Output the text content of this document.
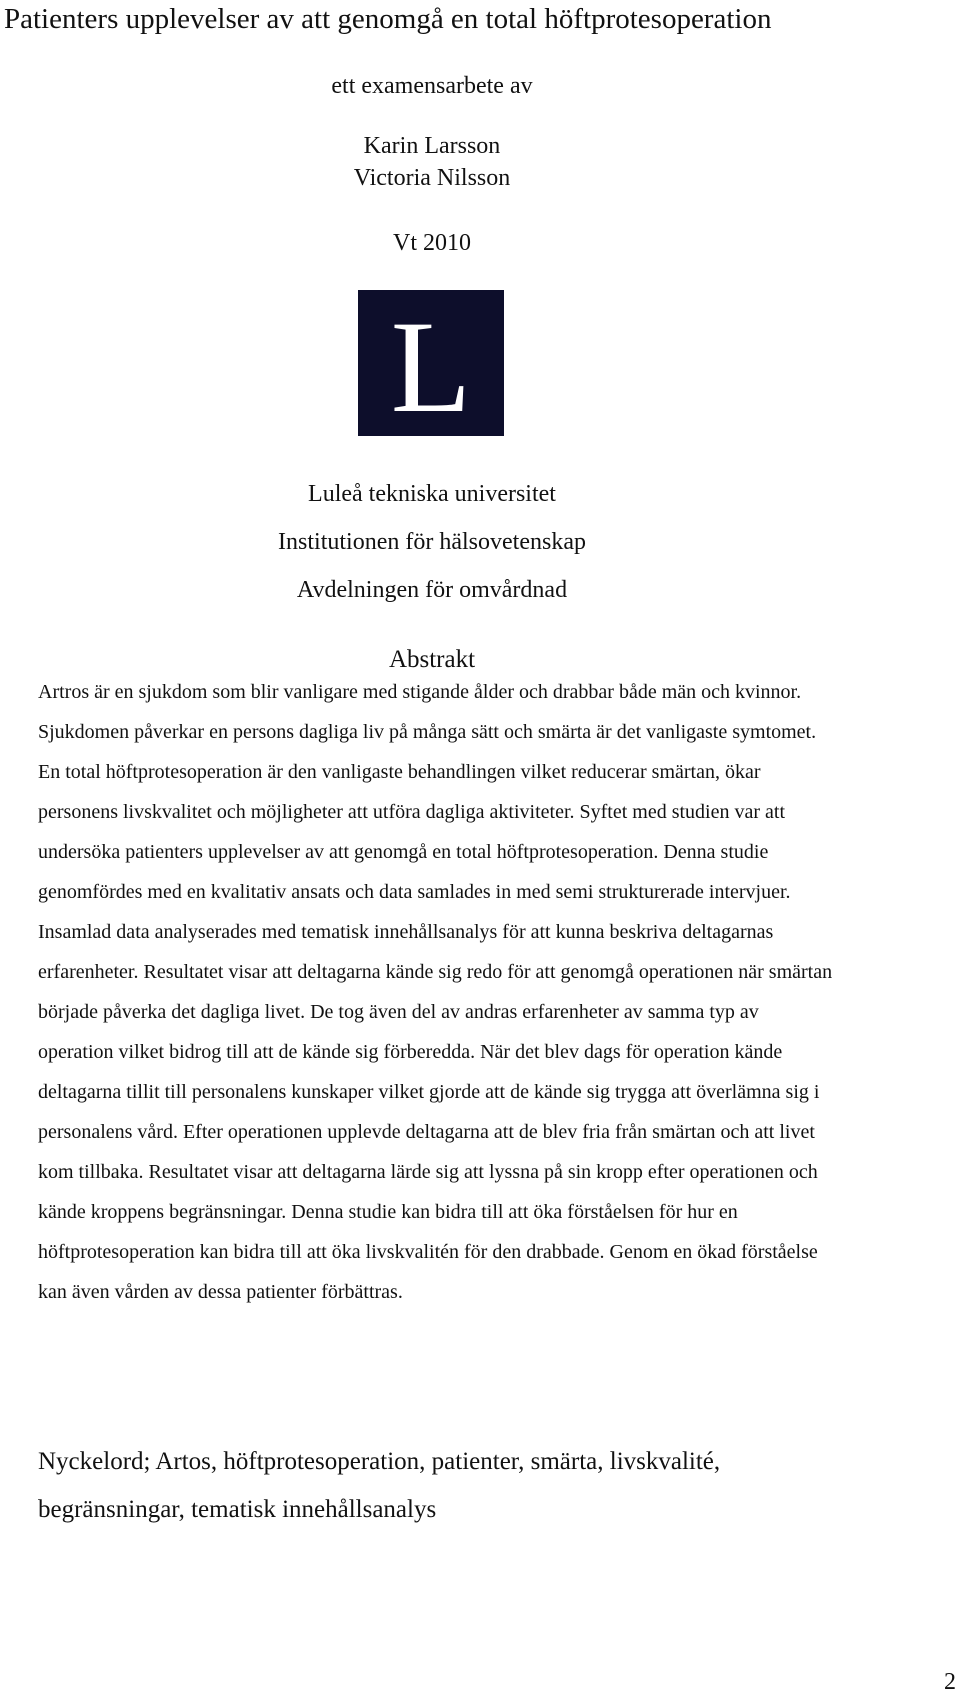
Patienters upplevelser av att genomgå en total höftprotesoperation
ett examensarbete av
Karin Larsson
Victoria Nilsson
Vt 2010
L
Luleå tekniska universitet
Institutionen för hälsovetenskap
Avdelningen för omvårdnad
Abstrakt

Artros är en sjukdom som blir vanligare med stigande ålder och drabbar både män och kvinnor. Sjukdomen påverkar en persons dagliga liv på många sätt och smärta är det vanligaste symtomet. En total höftprotesoperation är den vanligaste behandlingen vilket reducerar smärtan, ökar personens livskvalitet och möjligheter att utföra dagliga aktiviteter. Syftet med studien var att undersöka patienters upplevelser av att genomgå en total höftprotesoperation. Denna studie genomfördes med en kvalitativ ansats och data samlades in med semi strukturerade intervjuer. Insamlad data analyserades med tematisk innehållsanalys för att kunna beskriva deltagarnas erfarenheter. Resultatet visar att deltagarna kände sig redo för att genomgå operationen när smärtan började påverka det dagliga livet. De tog även del av andras erfarenheter av samma typ av operation vilket bidrog till att de kände sig förberedda. När det blev dags för operation kände deltagarna tillit till personalens kunskaper vilket gjorde att de kände sig trygga att överlämna sig i personalens vård. Efter operationen upplevde deltagarna att de blev fria från smärtan och att livet kom tillbaka. Resultatet visar att deltagarna lärde sig att lyssna på sin kropp efter operationen och kände kroppens begränsningar. Denna studie kan bidra till att öka förståelsen för hur en höftprotesoperation kan bidra till att öka livskvalitén för den drabbade. Genom en ökad förståelse kan även vården av dessa patienter förbättras.

Nyckelord; Artos, höftprotesoperation, patienter, smärta, livskvalité, begränsningar, tematisk innehållsanalys

2
